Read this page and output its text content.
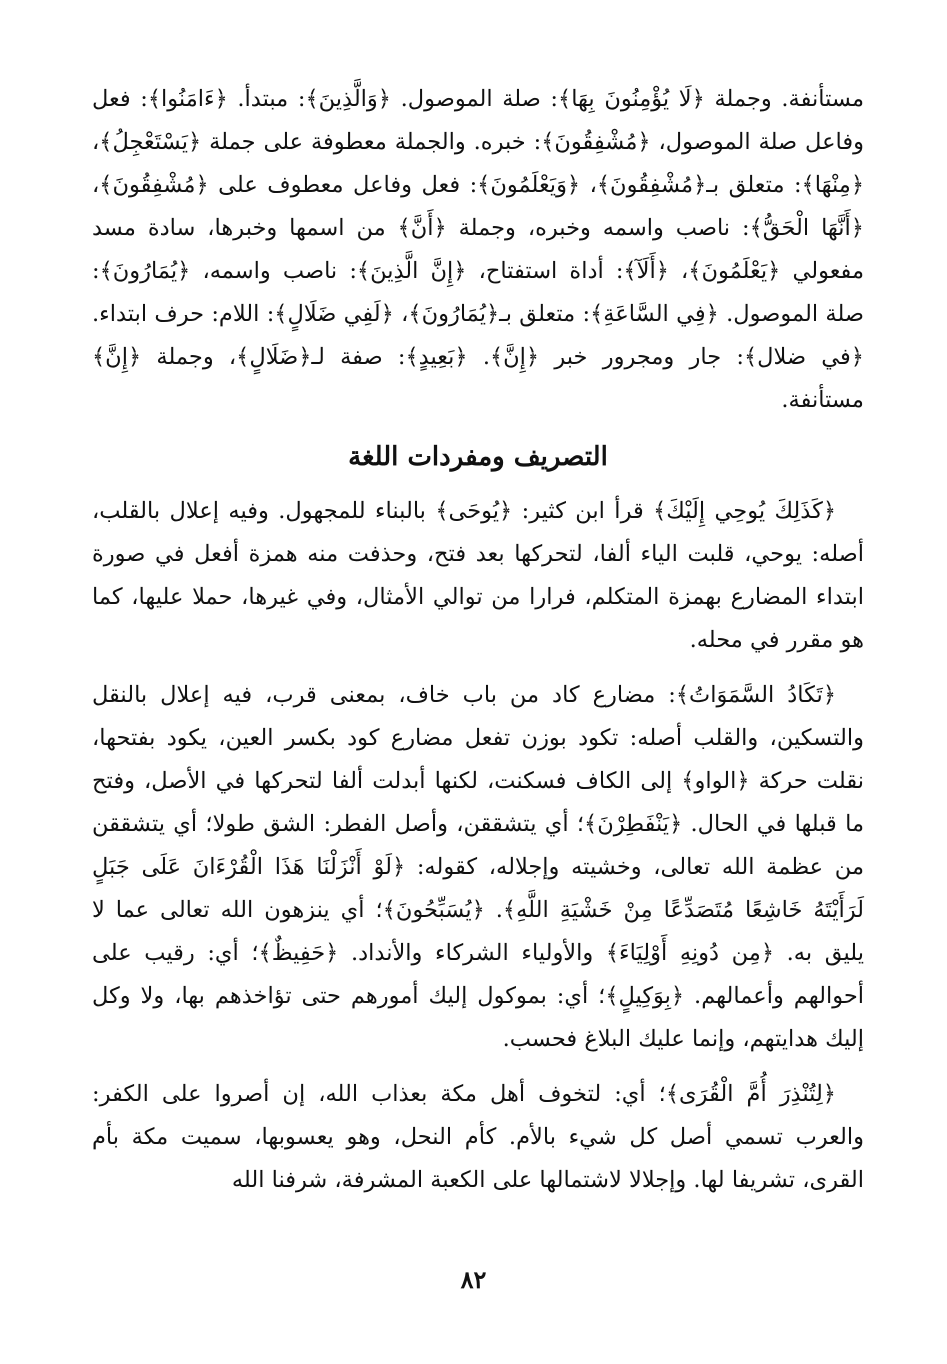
مستأنفة. وجملة ﴿لَا يُؤْمِنُونَ بِهَا﴾: صلة الموصول. ﴿وَالَّذِينَ﴾: مبتدأ. ﴿ءَامَنُوا﴾: فعل وفاعل صلة الموصول، ﴿مُشْفِقُونَ﴾: خبره. والجملة معطوفة على جملة ﴿يَسْتَعْجِلُ﴾، ﴿مِنْهَا﴾: متعلق بـ﴿مُشْفِقُونَ﴾، ﴿وَيَعْلَمُونَ﴾: فعل وفاعل معطوف على ﴿مُشْفِقُونَ﴾، ﴿أَنَّهَا الْحَقُّ﴾: ناصب واسمه وخبره، وجملة ﴿أَنَّ﴾ من اسمها وخبرها، سادة مسد مفعولي ﴿يَعْلَمُونَ﴾، ﴿أَلَآ﴾: أداة استفتاح، ﴿إِنَّ الَّذِينَ﴾: ناصب واسمه، ﴿يُمَارُونَ﴾: صلة الموصول. ﴿فِي السَّاعَةِ﴾: متعلق بـ﴿يُمَارُونَ﴾، ﴿لَفِي ضَلَالٍ﴾: اللام: حرف ابتداء. ﴿في ضلال﴾: جار ومجرور خبر ﴿إِنَّ﴾. ﴿بَعِيدٍ﴾: صفة لـ﴿ضَلَالٍ﴾، وجملة ﴿إِنَّ﴾ مستأنفة.

التصريف ومفردات اللغة

﴿كَذَلِكَ يُوحِي إِلَيْكَ﴾ قرأ ابن كثير: ﴿يُوحَى﴾ بالبناء للمجهول. وفيه إعلال بالقلب، أصله: يوحي، قلبت الياء ألفا، لتحركها بعد فتح، وحذفت منه همزة أفعل في صورة ابتداء المضارع بهمزة المتكلم، فرارا من توالي الأمثال، وفي غيرها، حملا عليها، كما هو مقرر في محله.

﴿تَكَادُ السَّمَوَاتُ﴾: مضارع كاد من باب خاف، بمعنى قرب، فيه إعلال بالنقل والتسكين، والقلب أصله: تكود بوزن تفعل مضارع كود بكسر العين، يكود بفتحها، نقلت حركة ﴿الواو﴾ إلى الكاف فسكنت، لكنها أبدلت ألفا لتحركها في الأصل، وفتح ما قبلها في الحال. ﴿يَنْفَطِرْنَ﴾؛ أي يتشققن، وأصل الفطر: الشق طولا؛ أي يتشققن من عظمة الله تعالى، وخشيته وإجلاله، كقوله: ﴿لَوْ أَنْزَلْنَا هَذَا الْقُرْءَانَ عَلَى جَبَلٍ لَرَأَيْتَهُ خَاشِعًا مُتَصَدِّعًا مِنْ خَشْيَةِ اللَّهِ﴾. ﴿يُسَبِّحُونَ﴾؛ أي ينزهون الله تعالى عما لا يليق به. ﴿مِن دُونِهِ أَوْلِيَاءَ﴾ والأولياء الشركاء والأنداد. ﴿حَفِيظٌ﴾؛ أي: رقيب على أحوالهم وأعمالهم. ﴿بِوَكِيلٍ﴾؛ أي: بموكول إليك أمورهم حتى تؤاخذهم بها، ولا وكل إليك هدايتهم، وإنما عليك البلاغ فحسب.

﴿لِتُنْذِرَ أُمَّ الْقُرَى﴾؛ أي: لتخوف أهل مكة بعذاب الله، إن أصروا على الكفر: والعرب تسمي أصل كل شيء بالأم. كأم النحل، وهو يعسوبها، سميت مكة بأم القرى، تشريفا لها. وإجلالا لاشتمالها على الكعبة المشرفة، شرفنا الله

٨٢
